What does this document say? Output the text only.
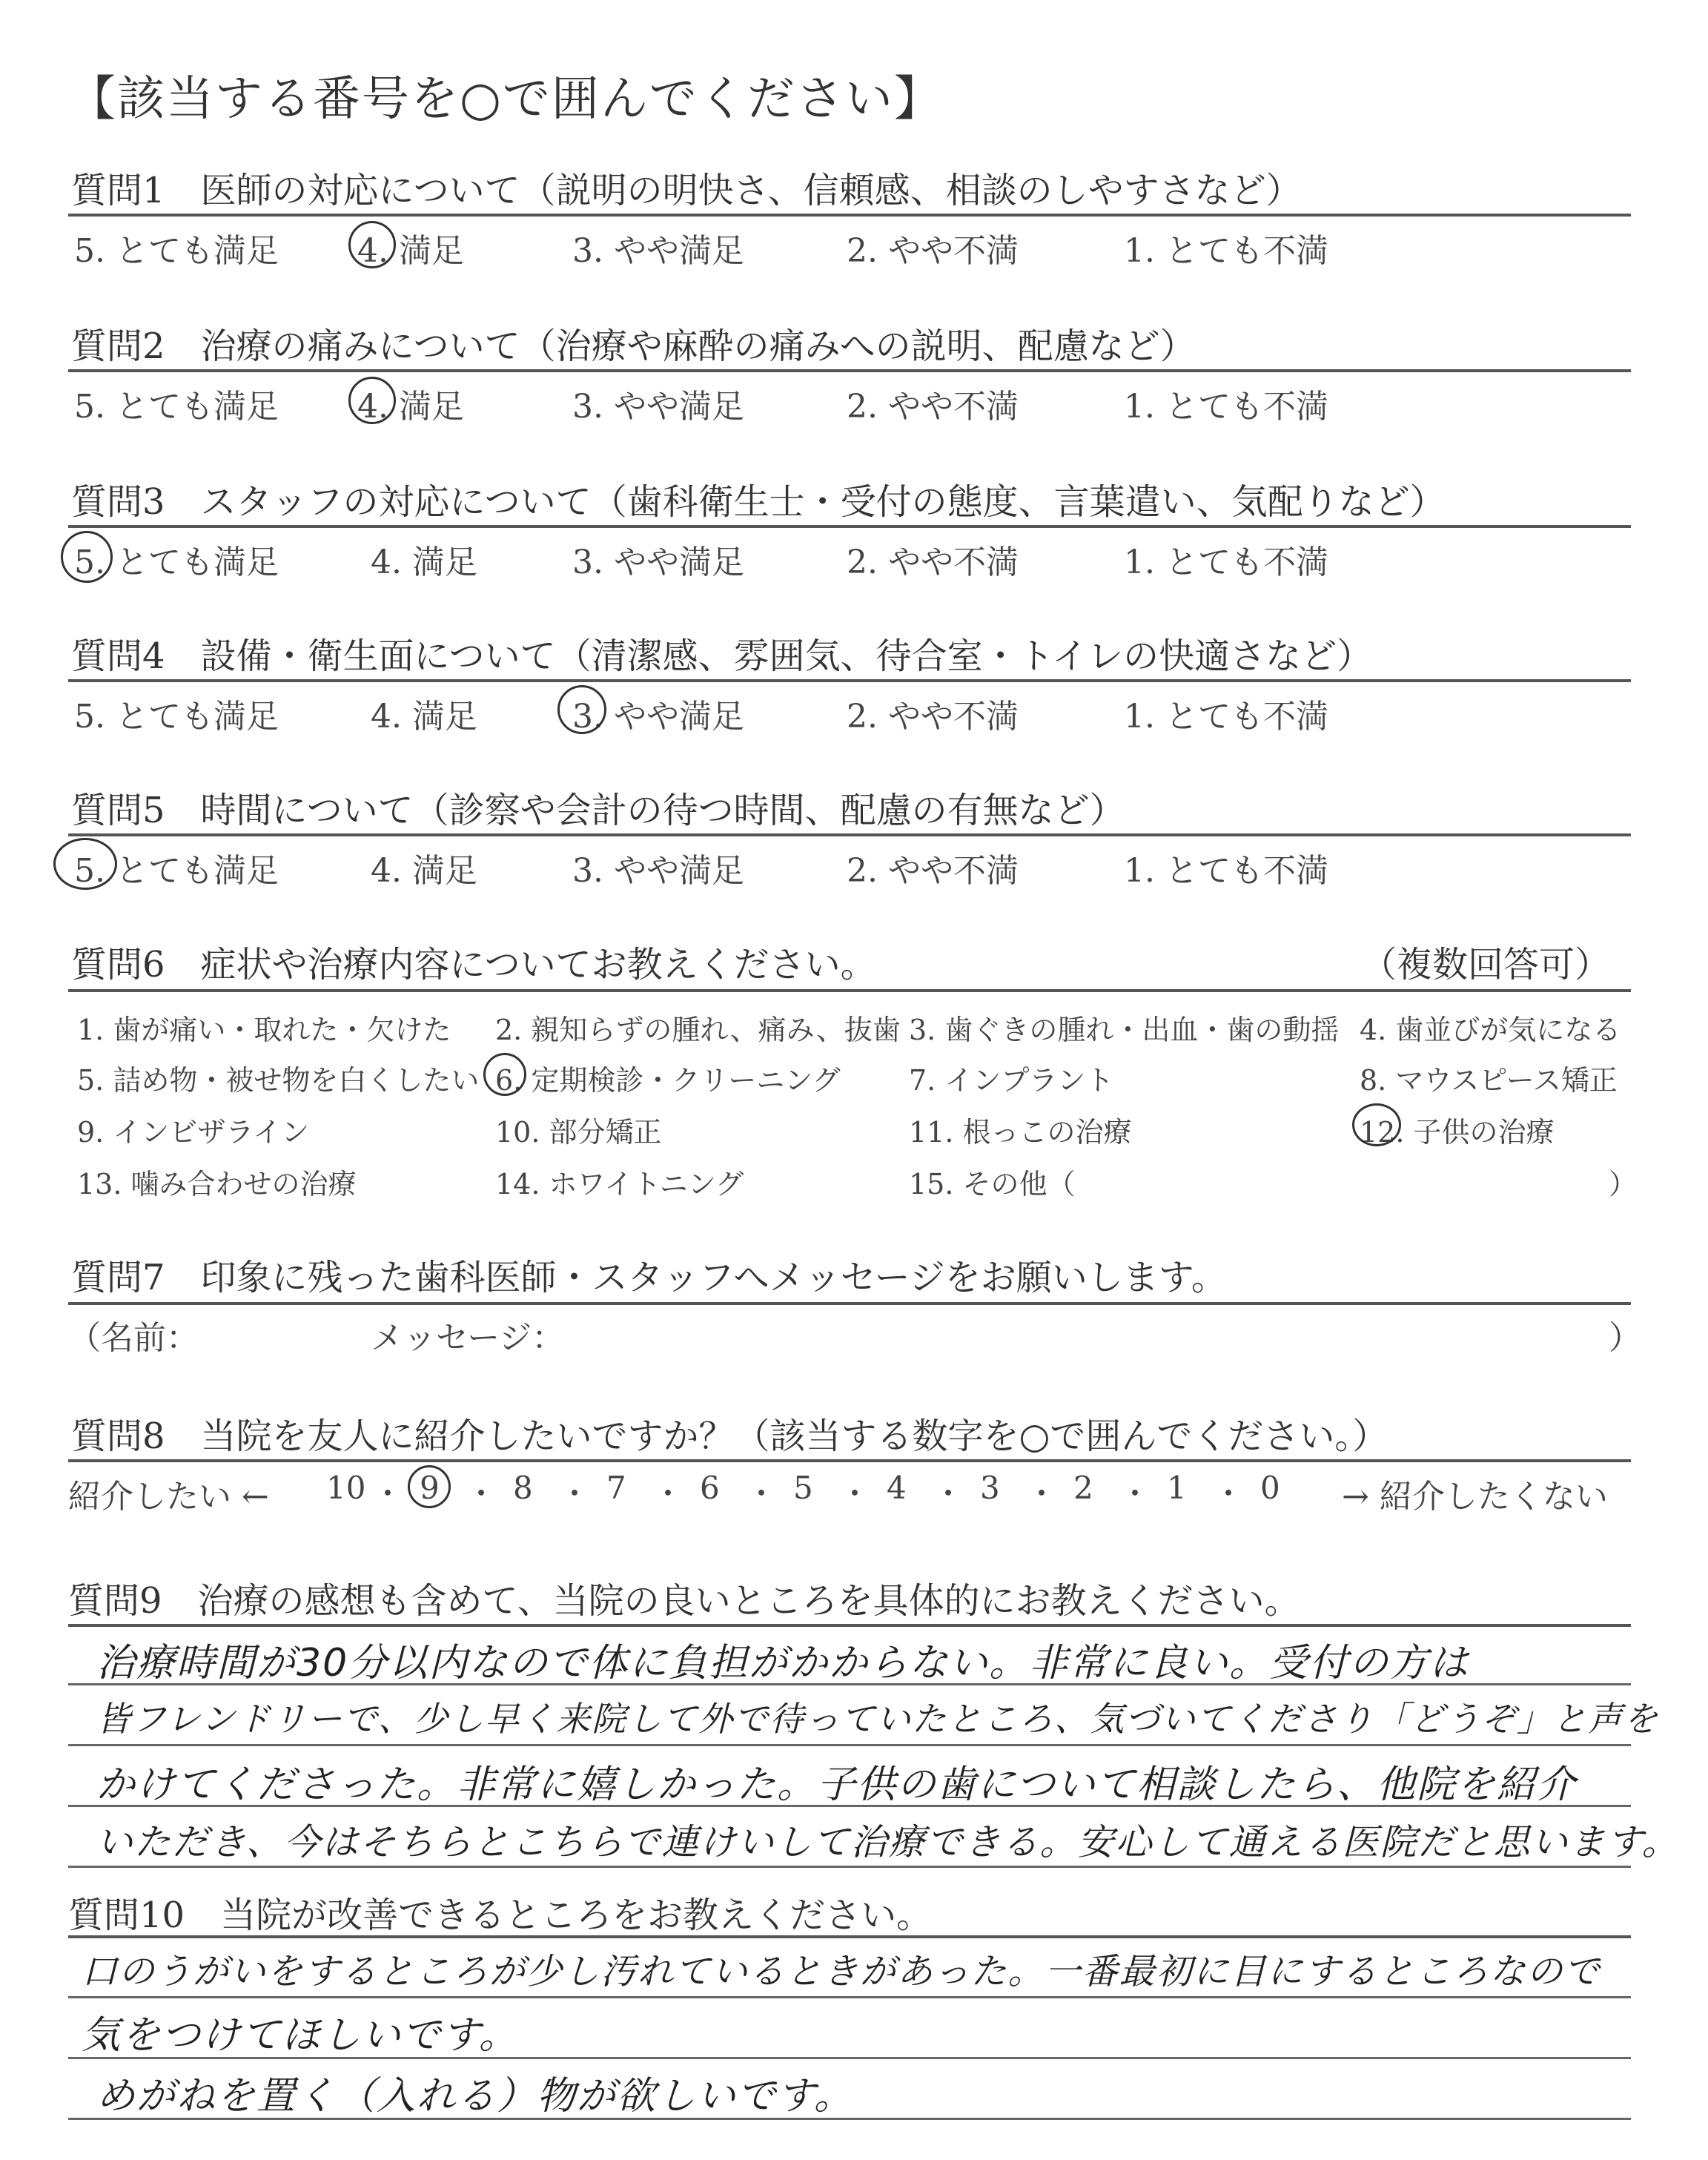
【該当する番号を○で囲んでください】
質問1　医師の対応について（説明の明快さ、信頼感、相談のしやすさなど）
5. とても満足 4. 満足	3. やや満足	2. やや不満	1. とても不満
質問2　治療の痛みについて（治療や麻酔の痛みへの説明、配慮など）
5. とても満足 4. 満足	3. やや満足	2. やや不満	1. とても不満
質問3　スタッフの対応について（歯科衛生士・受付の態度、言葉遣い、気配りなど）
5. とても満足	4. 満足	3. やや満足	2. やや不満	1. とても不満
質問4　設備・衛生面について（清潔感、雰囲気、待合室・トイレの快適さなど）
5. とても満足	4. 満足	3. やや満足	2. やや不満	1. とても不満
質問5　時間について（診察や会計の待つ時間、配慮の有無など）
5. とても満足	4. 満足	3. やや満足	2. やや不満	1. とても不満
質問6　症状や治療内容についてお教えください。	（複数回答可）
1. 歯が痛い・取れた・欠けた 2. 親知らずの腫れ、痛み、抜歯 3. 歯ぐきの腫れ・出血・歯の動揺 4. 歯並びが気になる
5. 詰め物・被せ物を白くしたい 6. 定期検診・クリーニング 7. インプラント	8. マウスピース矯正
9. インビザライン	10. 部分矯正	11. 根っこの治療	12. 子供の治療
13. 噛み合わせの治療	14. ホワイトニング	15. その他（	）
質問7　印象に残った歯科医師・スタッフへメッセージをお願いします。
（名前：	メッセージ：	）
質問8　当院を友人に紹介したいですか？（該当する数字を○で囲んでください。）
紹介したい ← 10 ・ 9 ・ 8 ・ 7 ・ 6 ・ 5 ・ 4 ・ 3 ・ 2 ・ 1 ・ 0 → 紹介したくない
質問9　治療の感想も含めて、当院の良いところを具体的にお教えください。
治療時間が30分以内なので体に負担がかからない。非常に良い。受付の方は
皆フレンドリーで、少し早く来院して外で待っていたところ、気づいてくださり「どうぞ」と声を
かけてくださった。非常に嬉しかった。子供の歯について相談したら、他院を紹介
いただき、今はそちらとこちらで連けいして治療できる。安心して通える医院だと思います。
質問10　当院が改善できるところをお教えください。
口のうがいをするところが少し汚れているときがあった。一番最初に目にするところなので
気をつけてほしいです。
めがねを置く（入れる）物が欲しいです。
